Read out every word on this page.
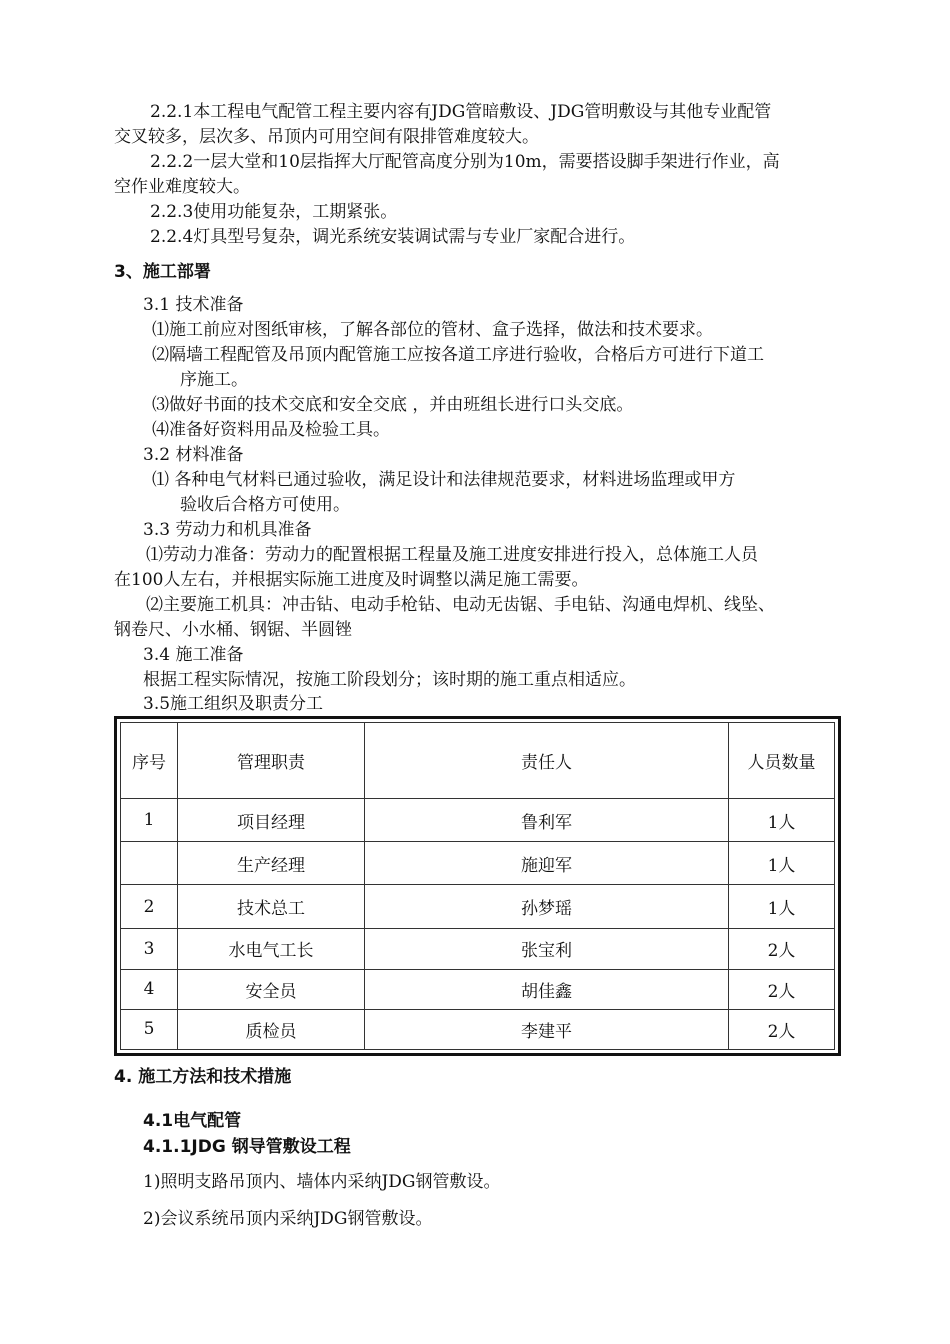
2.2.1本工程电气配管工程主要内容有JDG管暗敷设、JDG管明敷设与其他专业配管
交叉较多，层次多、吊顶内可用空间有限排管难度较大。
2.2.2一层大堂和10层指挥大厅配管高度分别为10m，需要搭设脚手架进行作业，高
空作业难度较大。
2.2.3使用功能复杂，工期紧张。
2.2.4灯具型号复杂，调光系统安装调试需与专业厂家配合进行。
3、施工部署
3.1 技术准备
⑴施工前应对图纸审核，了解各部位的管材、盒子选择，做法和技术要求。
⑵隔墙工程配管及吊顶内配管施工应按各道工序进行验收，合格后方可进行下道工
序施工。
⑶做好书面的技术交底和安全交底 ，并由班组长进行口头交底。
⑷准备好资料用品及检验工具。
3.2 材料准备
⑴ 各种电气材料已通过验收，满足设计和法律规范要求，材料进场监理或甲方
验收后合格方可使用。
3.3 劳动力和机具准备
⑴劳动力准备：劳动力的配置根据工程量及施工进度安排进行投入，总体施工人员
在100人左右，并根据实际施工进度及时调整以满足施工需要。
⑵主要施工机具：冲击钻、电动手枪钻、电动无齿锯、手电钻、沟通电焊机、线坠、
钢卷尺、小水桶、钢锯、半圆锉
3.4 施工准备
根据工程实际情况，按施工阶段划分；该时期的施工重点相适应。
3.5施工组织及职责分工
序号	管理职责	责任人	人员数量
1	项目经理	鲁利军	1人
	生产经理	施迎军	1人
2	技术总工	孙梦瑶	1人
3	水电气工长	张宝利	2人
4	安全员	胡佳鑫	2人
5	质检员	李建平	2人
4. 施工方法和技术措施
4.1电气配管
4.1.1JDG 钢导管敷设工程
1)照明支路吊顶内、墙体内采纳JDG钢管敷设。
2)会议系统吊顶内采纳JDG钢管敷设。
